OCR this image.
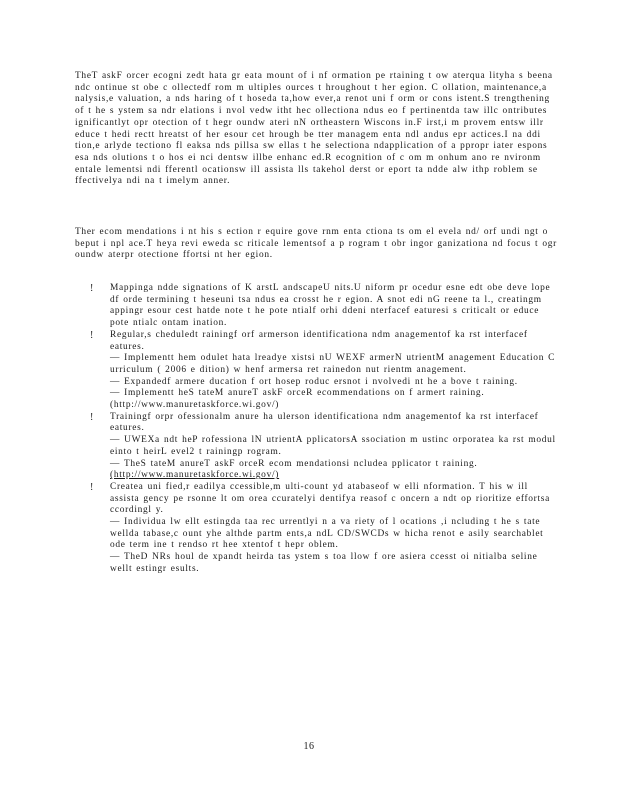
TheT askF orcer ecogni zedt hata gr eata mount of i nf ormation pe rtaining t ow aterqua lityha s beena ndc ontinue st obe c ollectedf rom m ultiples ources t hroughout t her egion. C ollation, maintenance,a nalysis,e valuation, a nds haring of t hoseda ta,how ever,a renot uni f orm or cons istent.S trengthening of t he s ystem sa ndr elations i nvol vedw itht hec ollectiona ndus eo f pertinentda taw illc ontributes ignificantlyt opr otection of t hegr oundw ateri nN ortheastern Wiscons in.F irst,i m provem entsw illr educe t hedi rectt hreatst of her esour cet hrough be tter managem enta ndl andus epr actices.I na ddi tion,e arlyde tectiono fl eaksa nds pillsa sw ellas t he selectiona ndapplication of a ppropr iater espons esa nds olutions t o hos ei nci dentsw illbe enhanc ed.R ecognition of c om m onhum ano re nvironm entale lementsi ndi fferentl ocationsw ill assista lls takehol derst or eport ta ndde alw ithp roblem se ffectivelya ndi na t imelym anner.

Ther ecom mendations i nt his s ection r equire gove rnm enta ctiona ts om el evela nd/ orf undi ngt o beput i npl ace.T heya revi eweda sc riticale lementsof a p rogram t obr ingor ganizationa nd focus t ogr oundw aterpr otectione ffortsi nt her egion.

!	Mappinga ndde signations of K arstL andscapeU nits.U niform pr ocedur esne edt obe deve lope df orde termining t heseuni tsa ndus ea crosst he r egion. A snot edi nG reene ta l., creatingm appingr esour cest hatde note t he pote ntialf orhi ddeni nterfacef eaturesi s criticalt or educe pote ntialc ontam ination.
!	Regular,s cheduledt rainingf orf armerson identificationa ndm anagementof ka rst interfacef eatures.
— Implementt hem odulet hata lreadye xistsi nU WEXF armerN utrientM anagement Education C urriculum ( 2006 e dition) w henf armersa ret rainedon nut rientm anagement.
— Expandedf armere ducation f ort hosep roduc ersnot i nvolvedi nt he a bove t raining.
— Implementt heS tateM anureT askF orceR ecommendations on f armert raining.
(http://www.manuretaskforce.wi.gov/)
!	Trainingf orpr ofessionalm anure ha ulerson identificationa ndm anagementof ka rst interfacef eatures.
— UWEXa ndt heP rofessiona lN utrientA pplicatorsA ssociation m ustinc orporatea ka rst modul einto t heirL evel2 t rainingp rogram.
— TheS tateM anureT askF orceR ecom mendationsi ncludea pplicator t raining.
(http://www.manuretaskforce.wi.gov/)
!	Createa uni fied,r eadilya ccessible,m ulti-count yd atabaseof w elli nformation. T his w ill assista gency pe rsonne lt om orea ccuratelyi dentifya reasof c oncern a ndt op rioritize effortsa ccordingl y.
— Individua lw ellt estingda taa rec urrentlyi n a va riety of l ocations ,i ncluding t he s tate wellda tabase,c ount yhe althde partm ents,a ndL CD/SWCDs w hicha renot e asily searchablet ode term ine t rendso rt hee xtentof t hepr oblem.
— TheD NRs houl de xpandt heirda tas ystem s toa llow f ore asiera ccesst oi nitialba seline wellt estingr esults.
16
